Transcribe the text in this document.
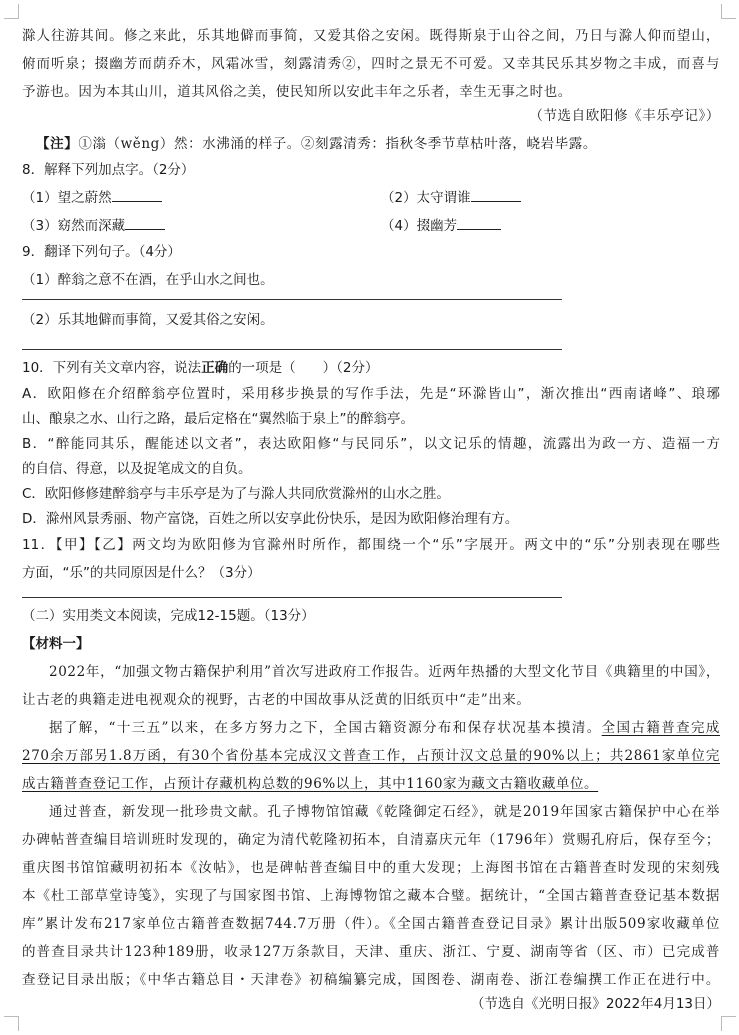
滁人往游其间。修之来此，乐其地僻而事简，又爱其俗之安闲。既得斯泉于山谷之间，乃日与滁人仰而望山，
俯而听泉；掇幽芳而荫乔木，风霜冰雪，刻露清秀②，四时之景无不可爱。又幸其民乐其岁物之丰成，而喜与
予游也。因为本其山川，道其风俗之美，使民知所以安此丰年之乐者，幸生无事之时也。
（节选自欧阳修《丰乐亭记》）
【注】①滃（wěng）然：水沸涌的样子。②刻露清秀：指秋冬季节草枯叶落，峣岩毕露。
8．解释下列加点字。（2分）
（1）望之蔚然	（2）太守谓谁
（3）窈然而深藏	（4）掇幽芳
9．翻译下列句子。（4分）
（1）醉翁之意不在酒，在乎山水之间也。
（2）乐其地僻而事简，又爱其俗之安闲。
10．下列有关文章内容，说法正确的一项是（　　）（2分）
A．欧阳修在介绍醉翁亭位置时，采用移步换景的写作手法，先是“环滁皆山”，渐次推出“西南诸峰”、琅琊
山、酿泉之水、山行之路，最后定格在“翼然临于泉上”的醉翁亭。
B．“醉能同其乐，醒能述以文者”，表达欧阳修“与民同乐”，以文记乐的情趣，流露出为政一方、造福一方
的自信、得意，以及捉笔成文的自负。
C．欧阳修修建醉翁亭与丰乐亭是为了与滁人共同欣赏滁州的山水之胜。
D．滁州风景秀丽、物产富饶，百姓之所以安享此份快乐，是因为欧阳修治理有方。
11．【甲】【乙】两文均为欧阳修为官滁州时所作，都围绕一个“乐”字展开。两文中的“乐”分别表现在哪些
方面，“乐”的共同原因是什么？（3分）
（二）实用类文本阅读，完成12-15题。（13分）
【材料一】
2022年，“加强文物古籍保护利用”首次写进政府工作报告。近两年热播的大型文化节目《典籍里的中国》，
让古老的典籍走进电视观众的视野，古老的中国故事从泛黄的旧纸页中“走”出来。
据了解，“十三五”以来，在多方努力之下，全国古籍资源分布和保存状况基本摸清。全国古籍普查完成
270余万部另1.8万函，有30个省份基本完成汉文普查工作，占预计汉文总量的90%以上；共2861家单位完
成古籍普查登记工作，占预计存藏机构总数的96%以上，其中1160家为藏文古籍收藏单位。
通过普查，新发现一批珍贵文献。孔子博物馆馆藏《乾隆御定石经》，就是2019年国家古籍保护中心在举
办碑帖普查编目培训班时发现的，确定为清代乾隆初拓本，自清嘉庆元年（1796年）赏赐孔府后，保存至今；
重庆图书馆馆藏明初拓本《汝帖》，也是碑帖普查编目中的重大发现；上海图书馆在古籍普查时发现的宋刻残
本《杜工部草堂诗笺》，实现了与国家图书馆、上海博物馆之藏本合璧。据统计，“全国古籍普查登记基本数据
库”累计发布217家单位古籍普查数据744.7万册（件）。《全国古籍普查登记目录》累计出版509家收藏单位
的普查目录共计123种189册，收录127万条款目，天津、重庆、浙江、宁夏、湖南等省（区、市）已完成普
查登记目录出版；《中华古籍总目・天津卷》初稿编纂完成，国图卷、湖南卷、浙江卷编撰工作正在进行中。
（节选自《光明日报》2022年4月13日）
